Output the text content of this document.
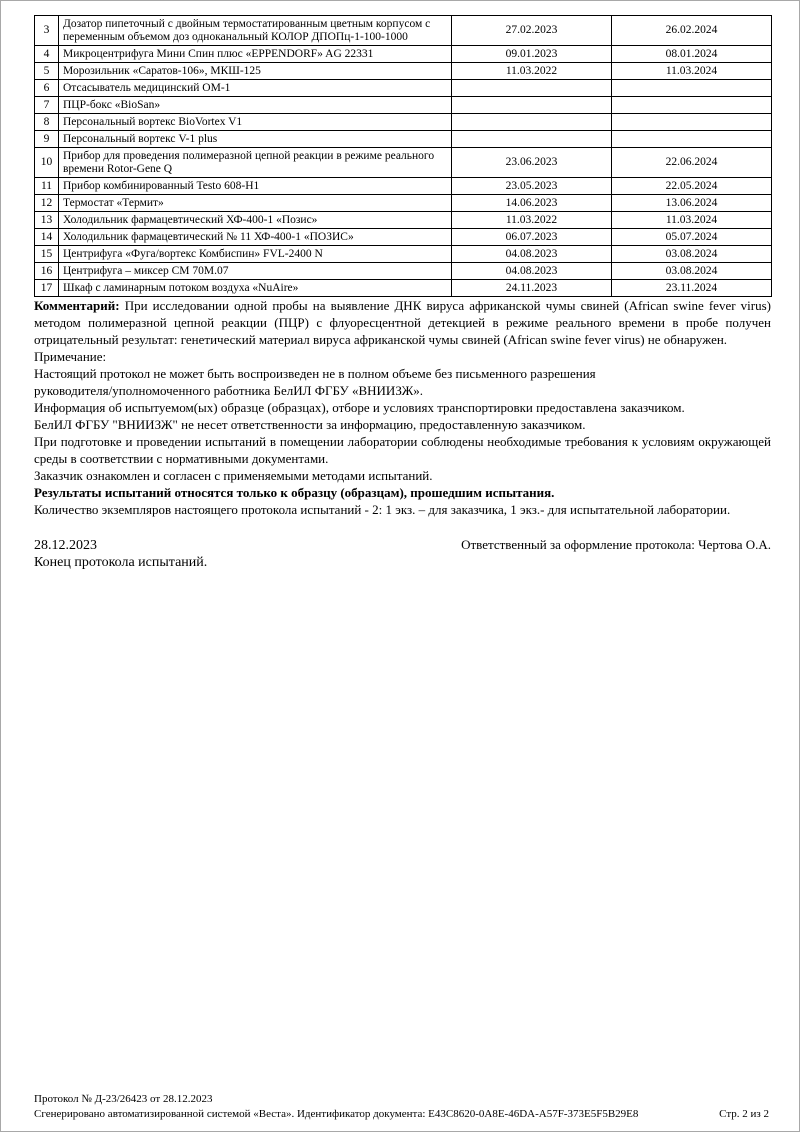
3	Дозатор пипеточный с двойным термостатированным цветным корпусом с переменным объемом доз одноканальный КОЛОР ДПОПц-1-100-1000	27.02.2023	26.02.2024
4	Микроцентрифуга Мини Спин плюс «EPPENDORF» AG 22331	09.01.2023	08.01.2024
5	Морозильник «Саратов-106», МКШ-125	11.03.2022	11.03.2024
6	Отсасыватель медицинский ОМ-1		
7	ПЦР-бокс «BioSan»		
8	Персональный вортекс BioVortex V1		
9	Персональный вортекс V-1 plus		
10	Прибор для проведения полимеразной цепной реакции в режиме реального времени Rotor-Gene Q	23.06.2023	22.06.2024
11	Прибор комбинированный Testo 608-H1	23.05.2023	22.05.2024
12	Термостат «Термит»	14.06.2023	13.06.2024
13	Холодильник фармацевтический ХФ-400-1 «Позис»	11.03.2022	11.03.2024
14	Холодильник фармацевтический № 11 ХФ-400-1 «ПОЗИС»	06.07.2023	05.07.2024
15	Центрифуга «Фуга/вортекс Комбиспин» FVL-2400 N	04.08.2023	03.08.2024
16	Центрифуга – миксер СМ 70М.07	04.08.2023	03.08.2024
17	Шкаф с ламинарным потоком воздуха «NuAire»	24.11.2023	23.11.2024

Комментарий: При исследовании одной пробы на выявление ДНК вируса африканской чумы свиней (African swine fever virus) методом полимеразной цепной реакции (ПЦР) с флуоресцентной детекцией в режиме реального времени в пробе получен отрицательный результат: генетический материал вируса африканской чумы свиней (African swine fever virus) не обнаружен.

Примечание:

Настоящий протокол не может быть воспроизведен не в полном объеме без письменного разрешения

руководителя/уполномоченного работника БелИЛ ФГБУ «ВНИИЗЖ».

Информация об испытуемом(ых) образце (образцах), отборе и условиях транспортировки предоставлена заказчиком.

БелИЛ ФГБУ "ВНИИЗЖ" не несет ответственности за информацию, предоставленную заказчиком.

При подготовке и проведении испытаний в помещении лаборатории соблюдены необходимые требования к условиям окружающей среды в соответствии с нормативными документами.

Заказчик ознакомлен и согласен с применяемыми методами испытаний.

Результаты испытаний относятся только к образцу (образцам), прошедшим испытания.

Количество экземпляров настоящего протокола испытаний - 2: 1 экз. – для заказчика, 1 экз.- для испытательной лаборатории.

28.12.2023	Ответственный за оформление протокола: Чертова О.А.

Конец протокола испытаний.

Протокол № Д-23/26423 от 28.12.2023
Сгенерировано автоматизированной системой «Веста». Идентификатор документа: E43C8620-0A8E-46DA-A57F-373E5F5B29E8	Стр. 2 из 2
